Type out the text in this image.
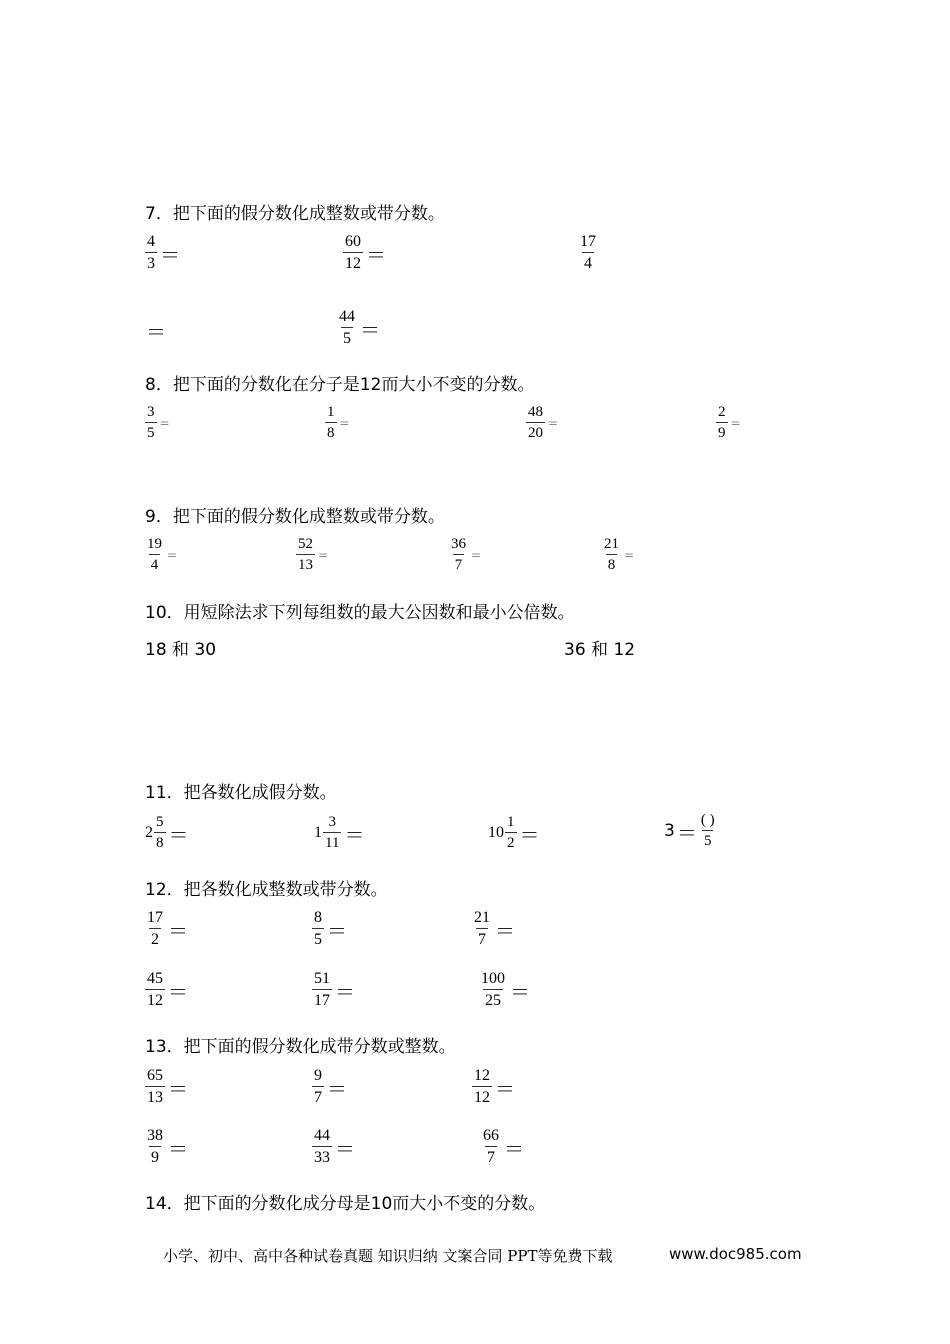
7．把下面的假分数化成整数或带分数。
$\frac{4}{3}$ ＝	$\frac{60}{12}$ ＝	$\frac{17}{4}$
＝	$\frac{44}{5}$ ＝
8．把下面的分数化在分子是12而大小不变的分数。
$\frac{3}{5}$ =	$\frac{1}{8}$ =	$\frac{48}{20}$ =	$\frac{2}{9}$ =
9．把下面的假分数化成整数或带分数。
$\frac{19}{4}$ =	$\frac{52}{13}$ =	$\frac{36}{7}$ =	$\frac{21}{8}$ =
10．用短除法求下列每组数的最大公因数和最小公倍数。
18 和 30	36 和 12
11．把各数化成假分数。
$2 \frac{5}{8}$ ＝	$1 \frac{3}{11}$ ＝	$10 \frac{1}{2}$ ＝	$3 = \frac{( )}{5}$
12．把各数化成整数或带分数。
$\frac{17}{2}$ ＝	$\frac{8}{5}$ ＝	$\frac{21}{7}$ ＝
$\frac{45}{12}$ ＝	$\frac{51}{17}$ ＝	$\frac{100}{25}$ ＝
13．把下面的假分数化成带分数或整数。
$\frac{65}{13}$ ＝	$\frac{9}{7}$ ＝	$\frac{12}{12}$ ＝
$\frac{38}{9}$ ＝	$\frac{44}{33}$ ＝	$\frac{66}{7}$ ＝
14．把下面的分数化成分母是10而大小不变的分数。
小学、初中、高中各种试卷真题 知识归纳 文案合同 PPT等免费下载	www.doc985.com
